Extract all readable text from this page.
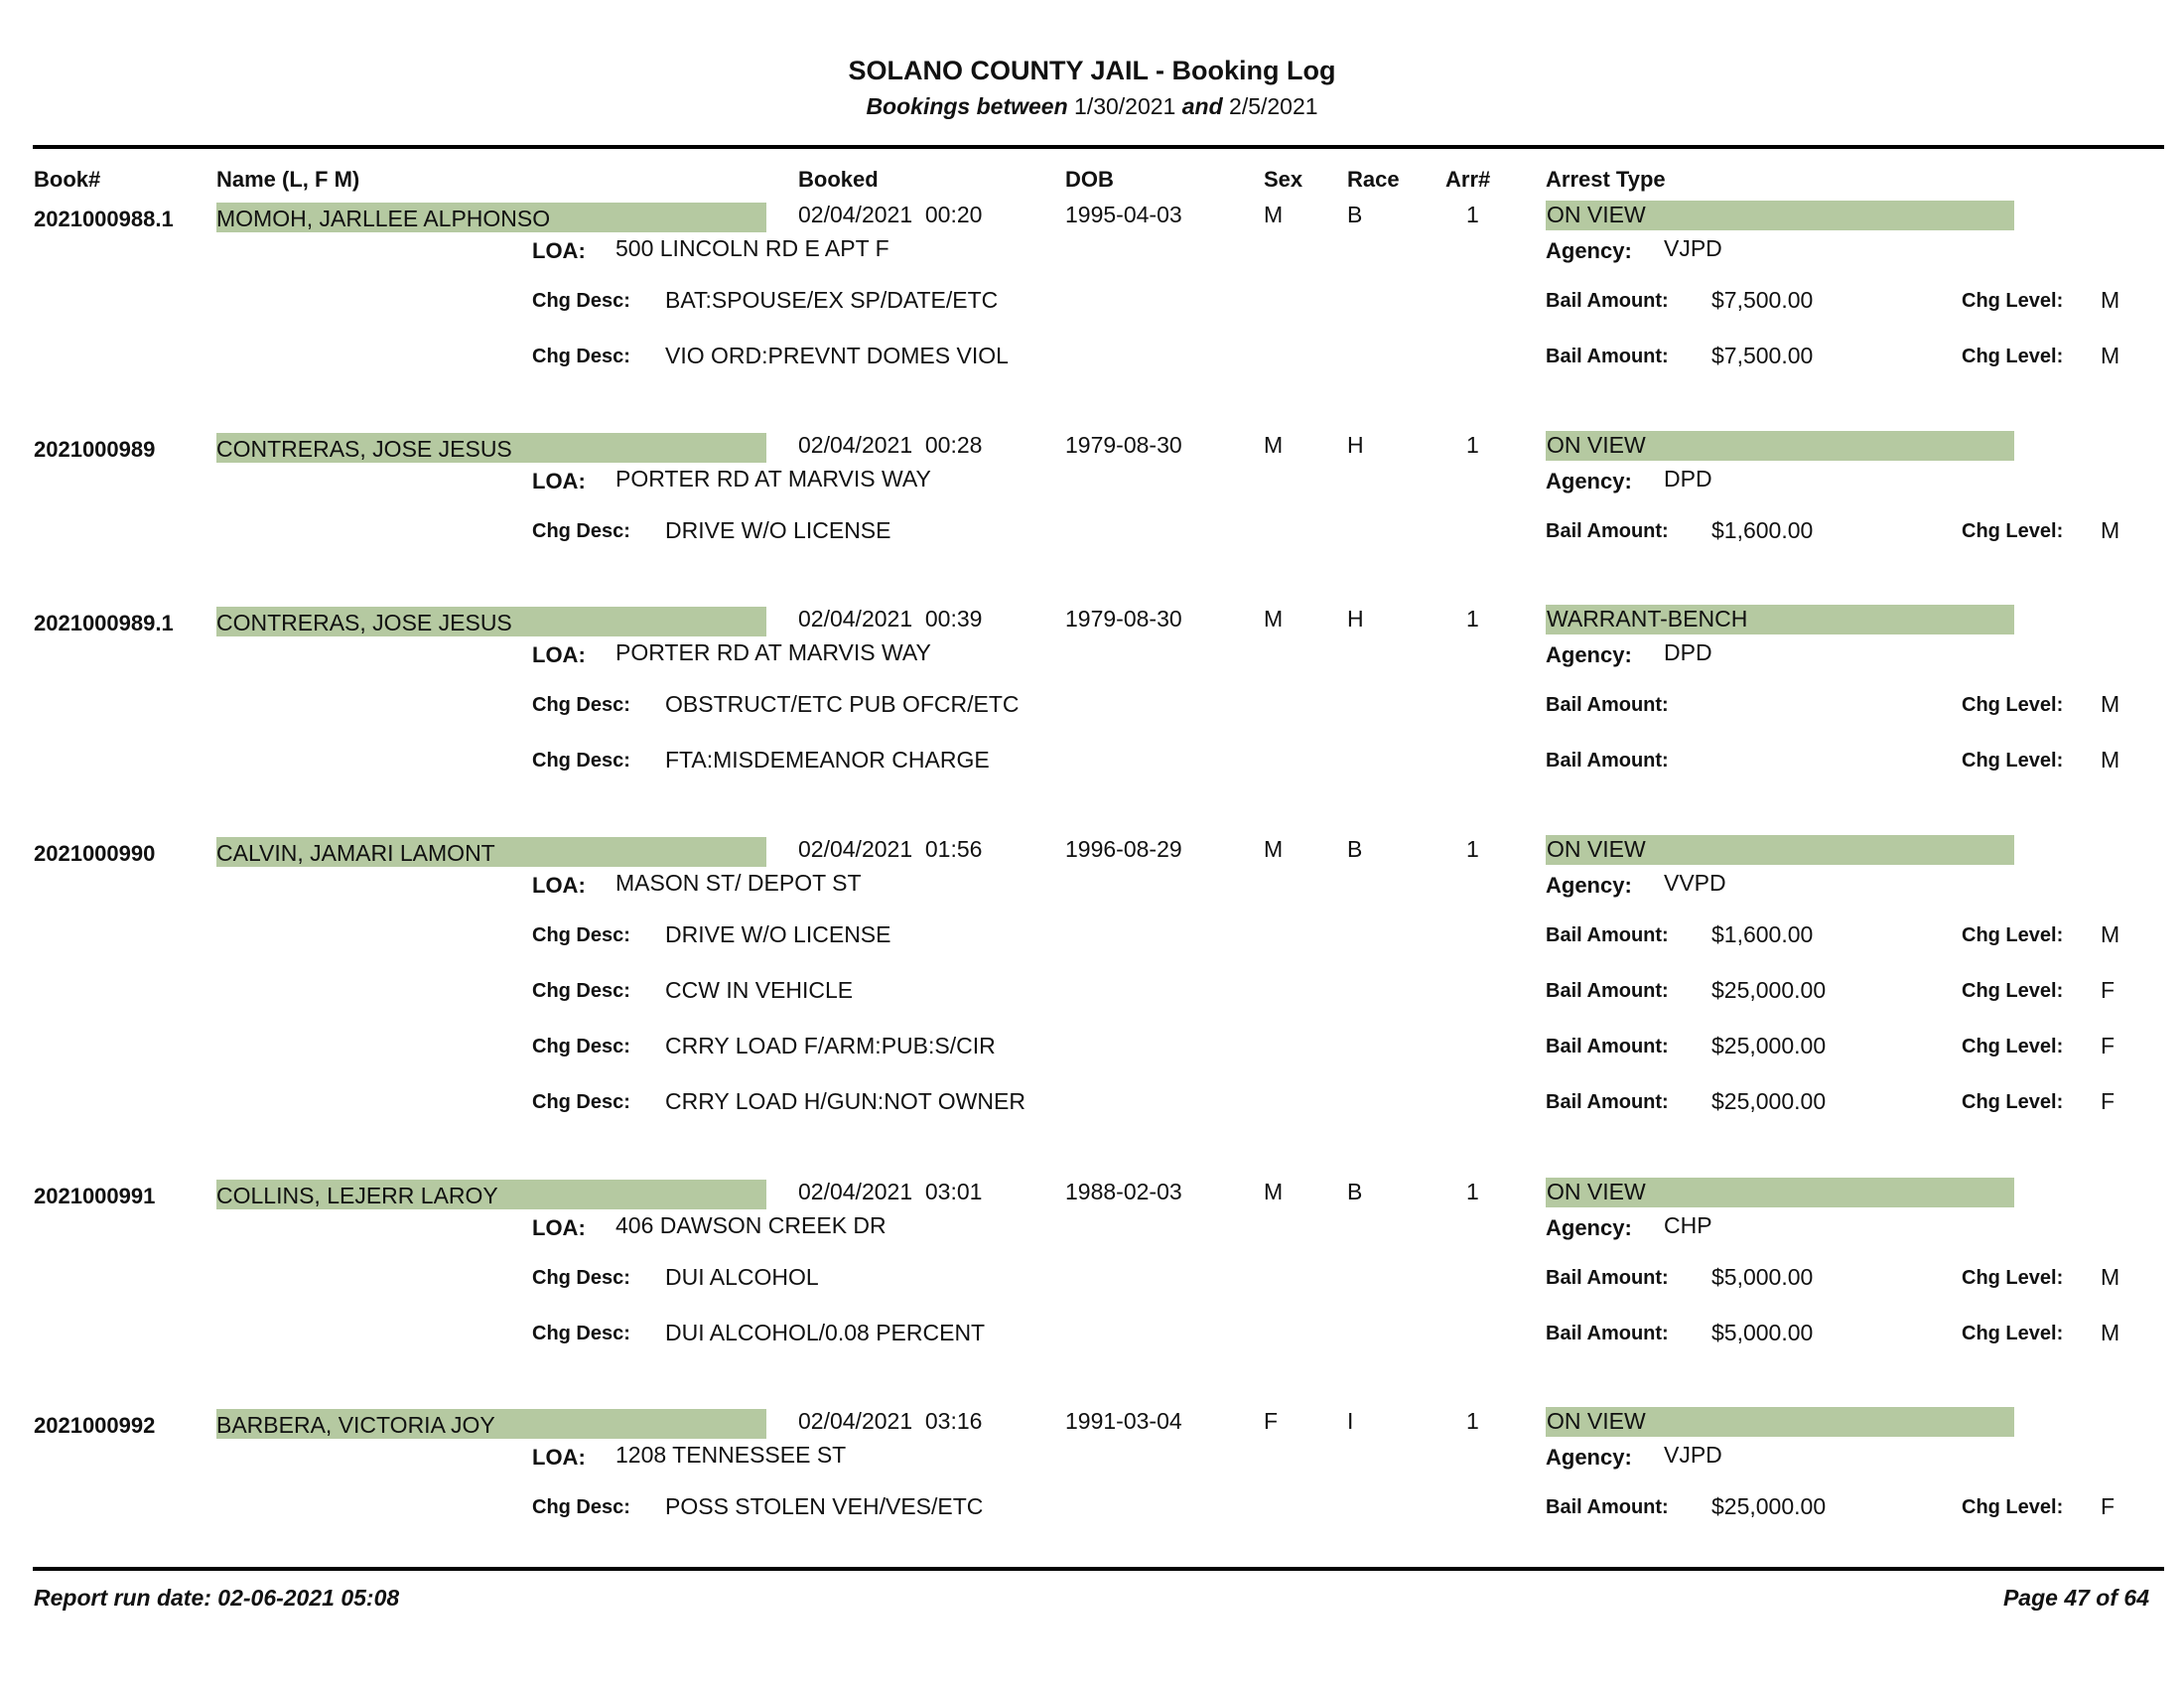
SOLANO COUNTY JAIL - Booking Log
Bookings between 1/30/2021 and 2/5/2021
Book#	Name (L, F M)	Booked	DOB	Sex Race Arr#	Arrest Type
2021000988.1 MOMOH, JARLLEE ALPHONSO	02/04/2021  00:20	1995-04-03	M	B	1	ON VIEW
LOA: 500 LINCOLN RD E APT F	Agency: VJPD
Chg Desc: BAT:SPOUSE/EX SP/DATE/ETC	Bail Amount: $7,500.00	Chg Level: M
Chg Desc: VIO ORD:PREVNT DOMES VIOL	Bail Amount: $7,500.00	Chg Level: M
2021000989	CONTRERAS, JOSE JESUS	02/04/2021  00:28	1979-08-30	M	H	1	ON VIEW
LOA: PORTER RD AT MARVIS WAY	Agency: DPD
Chg Desc: DRIVE W/O LICENSE	Bail Amount: $1,600.00	Chg Level: M
2021000989.1 CONTRERAS, JOSE JESUS	02/04/2021  00:39	1979-08-30	M	H	1	WARRANT-BENCH
LOA: PORTER RD AT MARVIS WAY	Agency: DPD
Chg Desc: OBSTRUCT/ETC PUB OFCR/ETC	Bail Amount:	Chg Level: M
Chg Desc: FTA:MISDEMEANOR CHARGE	Bail Amount:	Chg Level: M
2021000990	CALVIN, JAMARI LAMONT	02/04/2021  01:56	1996-08-29	M	B	1	ON VIEW
LOA: MASON ST/ DEPOT ST	Agency: VVPD
Chg Desc: DRIVE W/O LICENSE	Bail Amount: $1,600.00	Chg Level: M
Chg Desc: CCW IN VEHICLE	Bail Amount: $25,000.00	Chg Level: F
Chg Desc: CRRY LOAD F/ARM:PUB:S/CIR	Bail Amount: $25,000.00	Chg Level: F
Chg Desc: CRRY LOAD H/GUN:NOT OWNER	Bail Amount: $25,000.00	Chg Level: F
2021000991	COLLINS, LEJERR LAROY	02/04/2021  03:01	1988-02-03	M	B	1	ON VIEW
LOA: 406 DAWSON CREEK DR	Agency: CHP
Chg Desc: DUI ALCOHOL	Bail Amount: $5,000.00	Chg Level: M
Chg Desc: DUI ALCOHOL/0.08 PERCENT	Bail Amount: $5,000.00	Chg Level: M
2021000992	BARBERA, VICTORIA JOY	02/04/2021  03:16	1991-03-04	F	I	1	ON VIEW
LOA: 1208 TENNESSEE ST	Agency: VJPD
Chg Desc: POSS STOLEN VEH/VES/ETC	Bail Amount: $25,000.00	Chg Level: F
Report run date: 02-06-2021 05:08	Page 47 of 64
